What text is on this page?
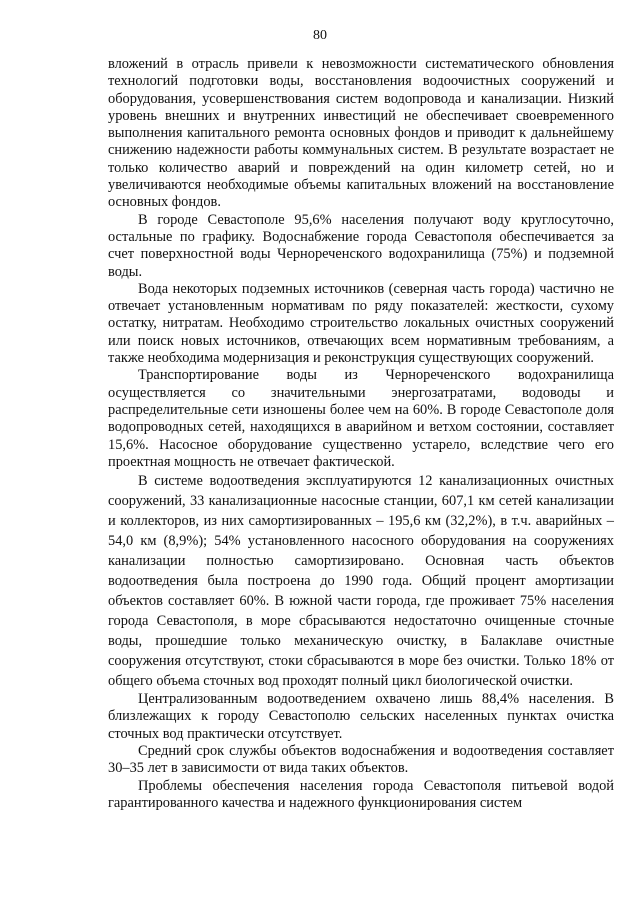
80

вложений в отрасль привели к невозможности систематического обновления технологий подготовки воды, восстановления водоочистных сооружений и оборудования, усовершенствования систем водопровода и канализации. Низкий уровень внешних и внутренних инвестиций не обеспечивает своевременного выполнения капитального ремонта основных фондов и приводит к дальнейшему снижению надежности работы коммунальных систем. В результате возрастает не только количество аварий и повреждений на один километр сетей, но и увеличиваются необходимые объемы капитальных вложений на восстановление основных фондов.

В городе Севастополе 95,6% населения получают воду круглосуточно, остальные по графику. Водоснабжение города Севастополя обеспечивается за счет поверхностной воды Чернореченского водохранилища (75%) и подземной воды.

Вода некоторых подземных источников (северная часть города) частично не отвечает установленным нормативам по ряду показателей: жесткости, сухому остатку, нитратам. Необходимо строительство локальных очистных сооружений или поиск новых источников, отвечающих всем нормативным требованиям, а также необходима модернизация и реконструкция существующих сооружений.

Транспортирование воды из Чернореченского водохранилища осуществляется со значительными энергозатратами, водоводы и распределительные сети изношены более чем на 60%. В городе Севастополе доля водопроводных сетей, находящихся в аварийном и ветхом состоянии, составляет 15,6%. Насосное оборудование существенно устарело, вследствие чего его проектная мощность не отвечает фактической.

В системе водоотведения эксплуатируются 12 канализационных очистных сооружений, 33 канализационные насосные станции, 607,1 км сетей канализации и коллекторов, из них самортизированных – 195,6 км (32,2%), в т.ч. аварийных – 54,0 км (8,9%); 54% установленного насосного оборудования на сооружениях канализации полностью самортизировано. Основная часть объектов водоотведения была построена до 1990 года. Общий процент амортизации объектов составляет 60%. В южной части города, где проживает 75% населения города Севастополя, в море сбрасываются недостаточно очищенные сточные воды, прошедшие только механическую очистку, в Балаклаве очистные сооружения отсутствуют, стоки сбрасываются в море без очистки. Только 18% от общего объема сточных вод проходят полный цикл биологической очистки.

Централизованным водоотведением охвачено лишь 88,4% населения. В близлежащих к городу Севастополю сельских населенных пунктах очистка сточных вод практически отсутствует.

Средний срок службы объектов водоснабжения и водоотведения составляет 30–35 лет в зависимости от вида таких объектов.

Проблемы обеспечения населения города Севастополя питьевой водой гарантированного качества и надежного функционирования систем
